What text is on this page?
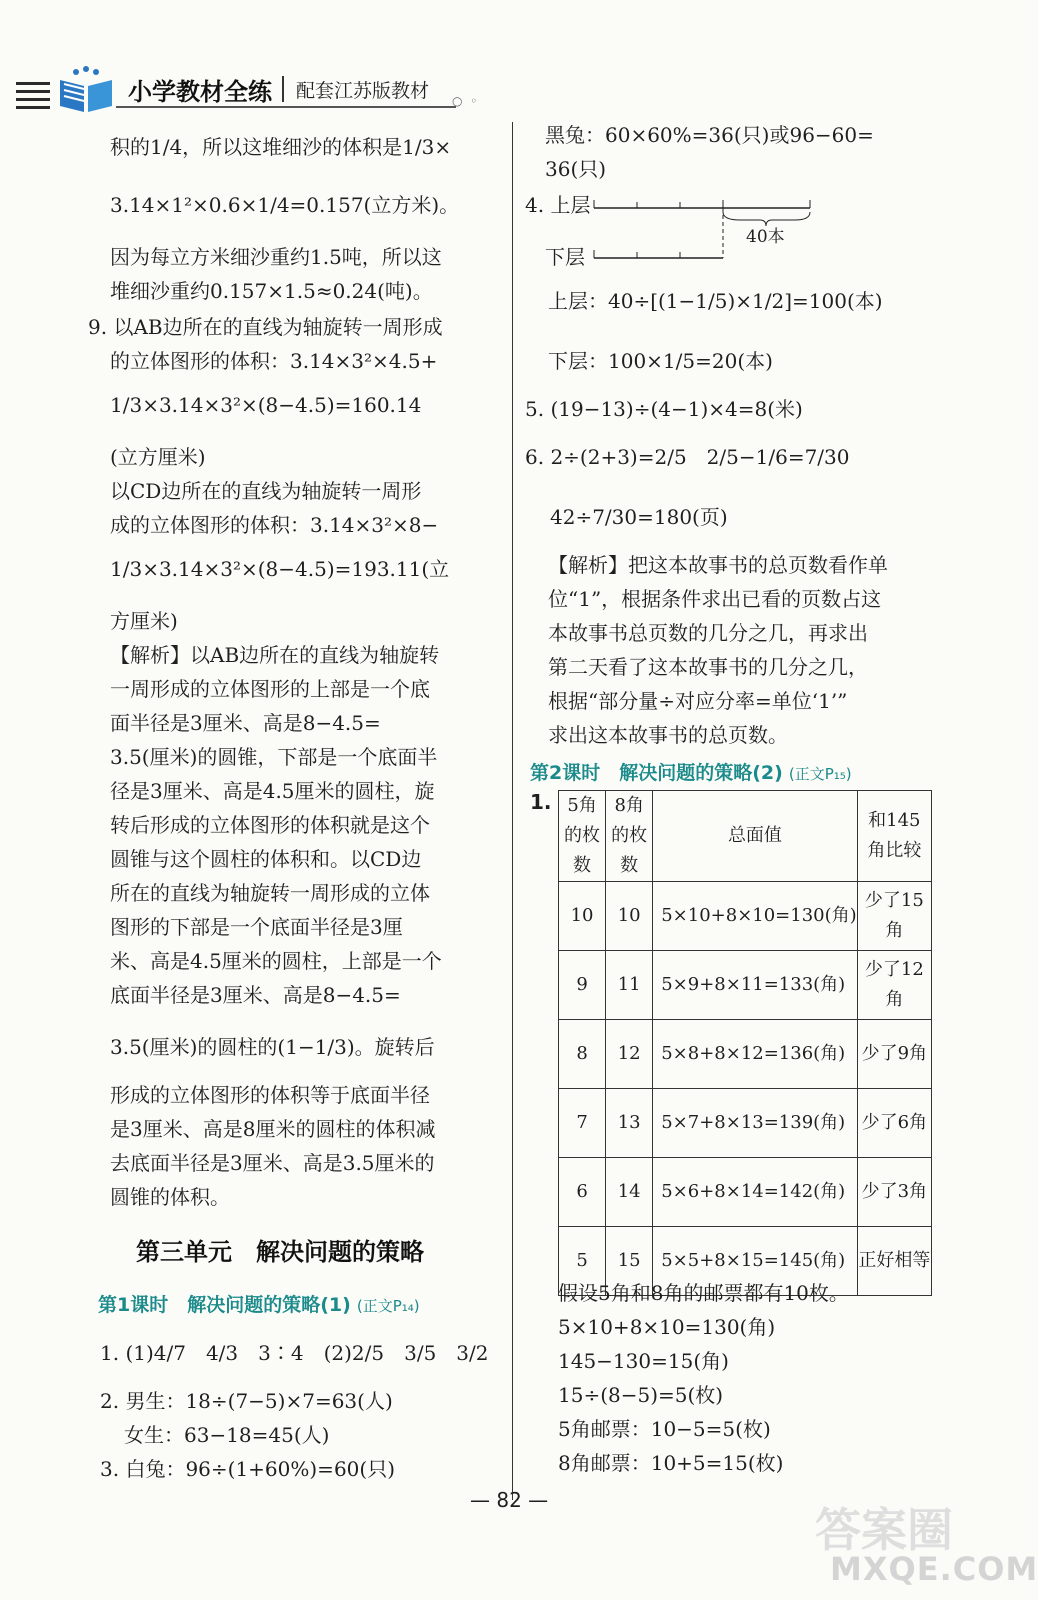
小学教材全练 配套江苏版教材 ○ ◦
积的1/4，所以这堆细沙的体积是1/3×
3.14×1²×0.6×1/4=0.157(立方米)。
因为每立方米细沙重约1.5吨，所以这
堆细沙重约0.157×1.5≈0.24(吨)。
9. 以AB边所在的直线为轴旋转一周形成
的立体图形的体积：3.14×3²×4.5+
1/3×3.14×3²×(8−4.5)=160.14
(立方厘米)
以CD边所在的直线为轴旋转一周形
成的立体图形的体积：3.14×3²×8−
1/3×3.14×3²×(8−4.5)=193.11(立
方厘米)
【解析】以AB边所在的直线为轴旋转
一周形成的立体图形的上部是一个底
面半径是3厘米、高是8−4.5=
3.5(厘米)的圆锥，下部是一个底面半
径是3厘米、高是4.5厘米的圆柱，旋
转后形成的立体图形的体积就是这个
圆锥与这个圆柱的体积和。以CD边
所在的直线为轴旋转一周形成的立体
图形的下部是一个底面半径是3厘
米、高是4.5厘米的圆柱，上部是一个
底面半径是3厘米、高是8−4.5=
3.5(厘米)的圆柱的(1−1/3)。旋转后
形成的立体图形的体积等于底面半径
是3厘米、高是8厘米的圆柱的体积减
去底面半径是3厘米、高是3.5厘米的
圆锥的体积。
第三单元　解决问题的策略
第1课时　解决问题的策略(1) (正文P₁₄)
1. (1)4/7　4/3　3∶4　(2)2/5　3/5　3/2
2. 男生：18÷(7−5)×7=63(人)
女生：63−18=45(人)
3. 白兔：96÷(1+60%)=60(只)
黑兔：60×60%=36(只)或96−60=
36(只)
4. 上层
下层
40本
上层：40÷[(1−1/5)×1/2]=100(本)
下层：100×1/5=20(本)
5. (19−13)÷(4−1)×4=8(米)
6. 2÷(2+3)=2/5　2/5−1/6=7/30
42÷7/30=180(页)
【解析】把这本故事书的总页数看作单
位“1”，根据条件求出已看的页数占这
本故事书总页数的几分之几，再求出
第二天看了这本故事书的几分之几，
根据“部分量÷对应分率=单位‘1’”
求出这本故事书的总页数。
第2课时　解决问题的策略(2) (正文P₁₅)
1. 5角的枚数	8角的枚数	总面值	和145角比较
10	10	5×10+8×10=130(角)	少了15角
9	11	5×9+8×11=133(角)	少了12角
8	12	5×8+8×12=136(角)	少了9角
7	13	5×7+8×13=139(角)	少了6角
6	14	5×6+8×14=142(角)	少了3角
5	15	5×5+8×15=145(角)	正好相等
假设5角和8角的邮票都有10枚。
5×10+8×10=130(角)
145−130=15(角)
15÷(8−5)=5(枚)
5角邮票：10−5=5(枚)
8角邮票：10+5=15(枚)
— 82 —
答案圈
MXQE.COM
